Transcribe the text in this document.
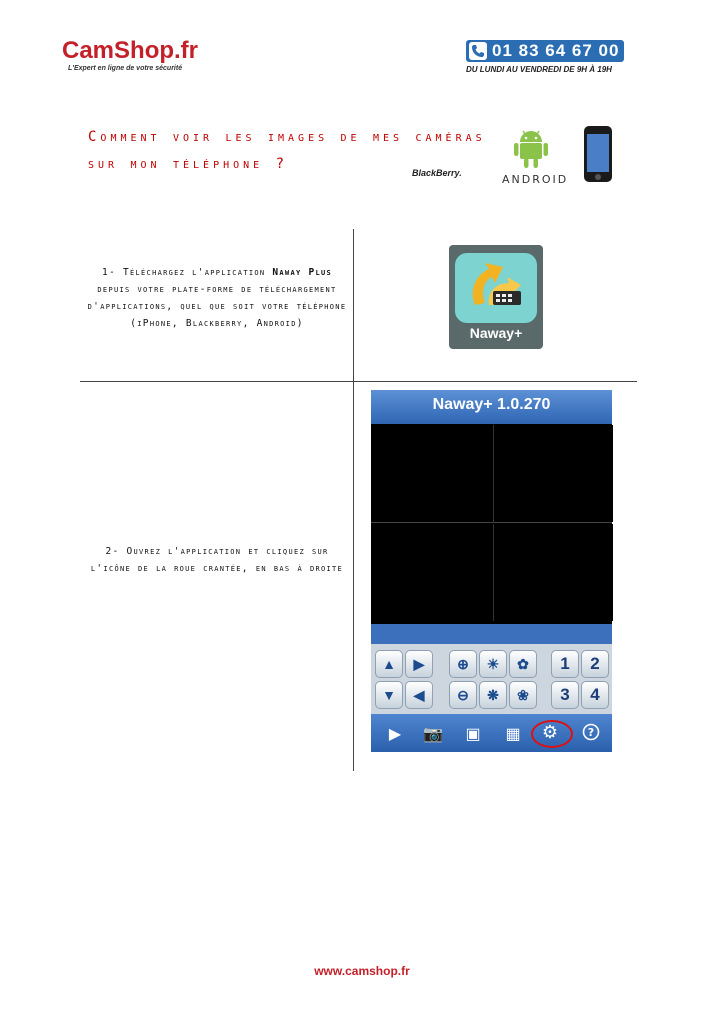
CamShop.fr
L'Expert en ligne de votre sécurité
01 83 64 67 00
DU LUNDI AU VENDREDI DE 9H À 19H
Comment voir les images de mes caméras
sur mon téléphone ?
BlackBerry.	ANDROID
1- Téléchargez l'application Naway Plus depuis votre plate-forme de téléchargement d'applications, quel que soit votre téléphone (iPhone, Blackberry, Android)
Naway+
2- Ouvrez l'application et cliquez sur l'icône de la roue crantée, en bas à droite
Naway+ 1.0.270
▲	▶
▼	◀
⊕	☀	✿
⊖	❋	❀
1	2
3	4
▶	📷 ▣ ▦ ⚙	?
www.camshop.fr
